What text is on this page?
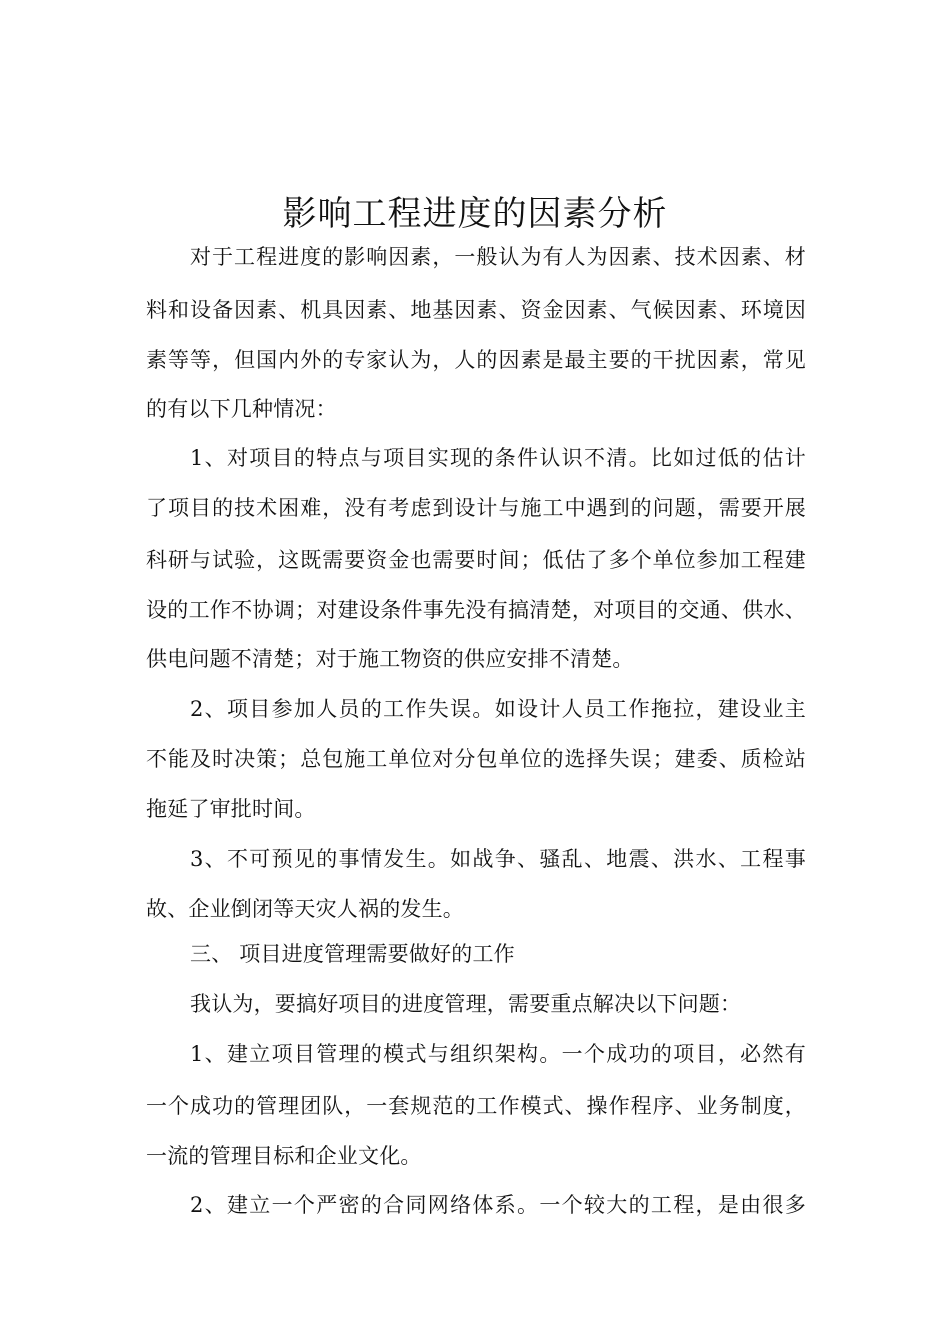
影响工程进度的因素分析
对于工程进度的影响因素，一般认为有人为因素、技术因素、材
料和设备因素、机具因素、地基因素、资金因素、气候因素、环境因
素等等，但国内外的专家认为，人的因素是最主要的干扰因素，常见
的有以下几种情况：
1、对项目的特点与项目实现的条件认识不清。比如过低的估计
了项目的技术困难，没有考虑到设计与施工中遇到的问题，需要开展
科研与试验，这既需要资金也需要时间；低估了多个单位参加工程建
设的工作不协调；对建设条件事先没有搞清楚，对项目的交通、供水、
供电问题不清楚；对于施工物资的供应安排不清楚。
2、项目参加人员的工作失误。如设计人员工作拖拉，建设业主
不能及时决策；总包施工单位对分包单位的选择失误；建委、质检站
拖延了审批时间。
3、不可预见的事情发生。如战争、骚乱、地震、洪水、工程事
故、企业倒闭等天灾人祸的发生。
三、 项目进度管理需要做好的工作
我认为，要搞好项目的进度管理，需要重点解决以下问题：
1、建立项目管理的模式与组织架构。一个成功的项目，必然有
一个成功的管理团队，一套规范的工作模式、操作程序、业务制度，
一流的管理目标和企业文化。
2、建立一个严密的合同网络体系。一个较大的工程，是由很多
